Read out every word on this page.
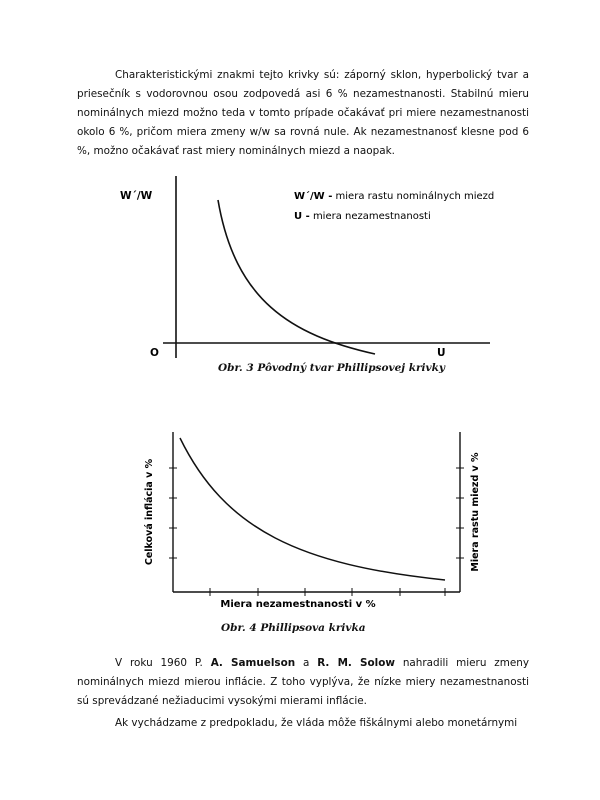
Charakteristickými znakmi tejto krivky sú: záporný sklon, hyperbolický tvar a priesečník s vodorovnou osou zodpovedá asi 6 % nezamestnanosti. Stabilnú mieru nominálnych miezd možno teda v tomto prípade očakávať pri miere nezamestnanosti okolo 6 %, pričom miera zmeny w/w sa rovná nule. Ak nezamestnanosť klesne pod 6 %, možno očakávať rast miery nominálnych miezd a naopak.

W´/W
O	U
W´/W - miera rastu nominálnych miezd
U - miera nezamestnanosti
Obr. 3 Pôvodný tvar Phillipsovej krivky
Celková inflácia v %	Miera rastu miezd v %
Miera nezamestnanosti v %
Obr. 4 Phillipsova krivka

V roku 1960 P. A. Samuelson a R. M. Solow nahradili mieru zmeny nominálnych miezd mierou inflácie. Z toho vyplýva, že nízke miery nezamestnanosti sú sprevádzané nežiaducimi vysokými mierami inflácie.

Ak vychádzame z predpokladu, že vláda môže fiškálnymi alebo monetárnymi
